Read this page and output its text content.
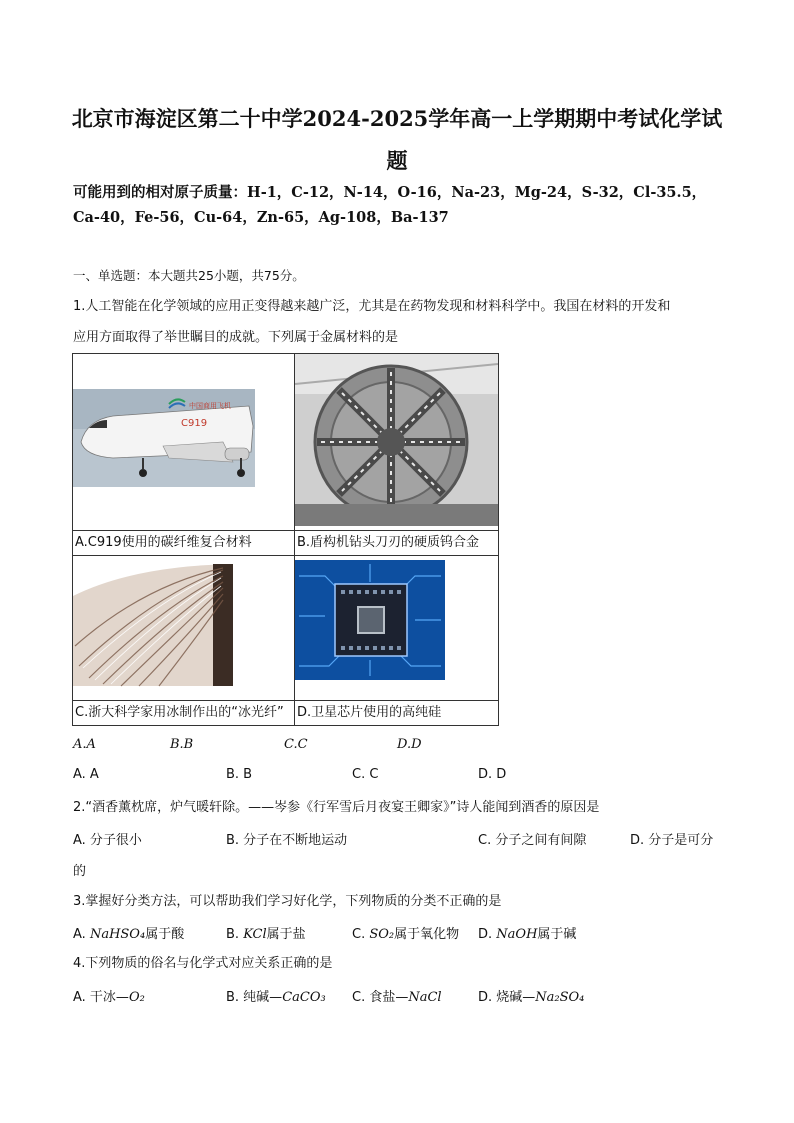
北京市海淀区第二十中学2024-2025学年高一上学期期中考试化学试
题
可能用到的相对原子质量：H-1，C-12，N-14，O-16，Na-23，Mg-24，S-32，Cl-35.5，
Ca-40，Fe-56，Cu-64，Zn-65，Ag-108，Ba-137
一、单选题：本大题共25小题，共75分。
1.人工智能在化学领域的应用正变得越来越广泛，尤其是在药物发现和材料科学中。我国在材料的开发和
应用方面取得了举世瞩目的成就。下列属于金属材料的是
中国商用飞机
C919

A.C919使用的碳纤维复合材料	B.盾构机钻头刀刃的硬质钨合金

C.浙大科学家用冰制作出的“冰光纤”	D.卫星芯片使用的高纯硅
A.A	B.B	C.C	D.D
A. A	B. B	C. C	D. D
2.“酒香薰枕席，炉气暖轩除。——岑参《行军雪后月夜宴王卿家》”诗人能闻到酒香的原因是
A. 分子很小	B. 分子在不断地运动	C. 分子之间有间隙	D. 分子是可分
的
3.掌握好分类方法，可以帮助我们学习好化学，下列物质的分类不正确的是
A. NaHSO₄属于酸	B. KCl属于盐	C. SO₂属于氧化物 D. NaOH属于碱
4.下列物质的俗名与化学式对应关系正确的是
A. 干冰—O₂	B. 纯碱—CaCO₃ C. 食盐—NaCl	D. 烧碱—Na₂SO₄
